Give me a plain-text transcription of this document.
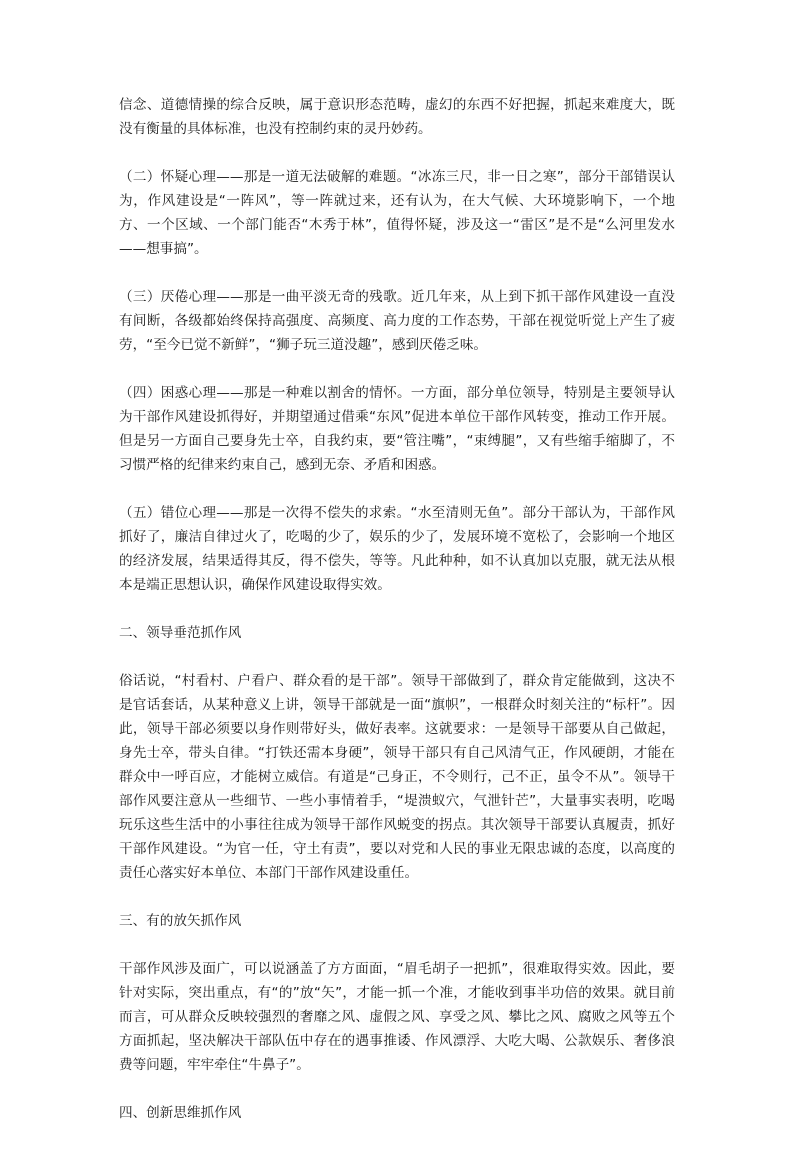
信念、道德情操的综合反映，属于意识形态范畴，虚幻的东西不好把握，抓起来难度大，既没有衡量的具体标准，也没有控制约束的灵丹妙药。

（二）怀疑心理——那是一道无法破解的难题。“冰冻三尺，非一日之寒”，部分干部错误认为，作风建设是“一阵风”，等一阵就过来，还有认为，在大气候、大环境影响下，一个地方、一个区域、一个部门能否“木秀于林”，值得怀疑，涉及这一“雷区”是不是“么河里发水——想事搞”。

（三）厌倦心理——那是一曲平淡无奇的残歌。近几年来，从上到下抓干部作风建设一直没有间断，各级都始终保持高强度、高频度、高力度的工作态势，干部在视觉听觉上产生了疲劳，“至今已觉不新鲜”，“狮子玩三道没趣”，感到厌倦乏味。

（四）困惑心理——那是一种难以割舍的情怀。一方面，部分单位领导，特别是主要领导认为干部作风建设抓得好，并期望通过借乘“东风”促进本单位干部作风转变，推动工作开展。但是另一方面自己要身先士卒，自我约束，要“管注嘴”，“束缚腿”，又有些缩手缩脚了，不习惯严格的纪律来约束自己，感到无奈、矛盾和困惑。

（五）错位心理——那是一次得不偿失的求索。“水至清则无鱼”。部分干部认为，干部作风抓好了，廉洁自律过火了，吃喝的少了，娱乐的少了，发展环境不宽松了，会影响一个地区的经济发展，结果适得其反，得不偿失，等等。凡此种种，如不认真加以克服，就无法从根本是端正思想认识，确保作风建设取得实效。

二、领导垂范抓作风

俗话说，“村看村、户看户、群众看的是干部”。领导干部做到了，群众肯定能做到，这决不是官话套话，从某种意义上讲，领导干部就是一面“旗帜”，一根群众时刻关注的“标杆”。因此，领导干部必须要以身作则带好头，做好表率。这就要求：一是领导干部要从自己做起，身先士卒，带头自律。“打铁还需本身硬”，领导干部只有自己风清气正，作风硬朗，才能在群众中一呼百应，才能树立威信。有道是“己身正，不令则行，己不正，虽令不从”。领导干部作风要注意从一些细节、一些小事情着手，“堤溃蚁穴，气泄针芒”，大量事实表明，吃喝玩乐这些生活中的小事往往成为领导干部作风蜕变的拐点。其次领导干部要认真履责，抓好干部作风建设。“为官一任，守土有责”，要以对党和人民的事业无限忠诚的态度，以高度的责任心落实好本单位、本部门干部作风建设重任。

三、有的放矢抓作风

干部作风涉及面广，可以说涵盖了方方面面，“眉毛胡子一把抓”，很难取得实效。因此，要针对实际，突出重点，有“的”放“矢”，才能一抓一个准，才能收到事半功倍的效果。就目前而言，可从群众反映较强烈的奢靡之风、虚假之风、享受之风、攀比之风、腐败之风等五个方面抓起，坚决解决干部队伍中存在的遇事推诿、作风漂浮、大吃大喝、公款娱乐、奢侈浪费等问题，牢牢牵住“牛鼻子”。

四、创新思维抓作风
